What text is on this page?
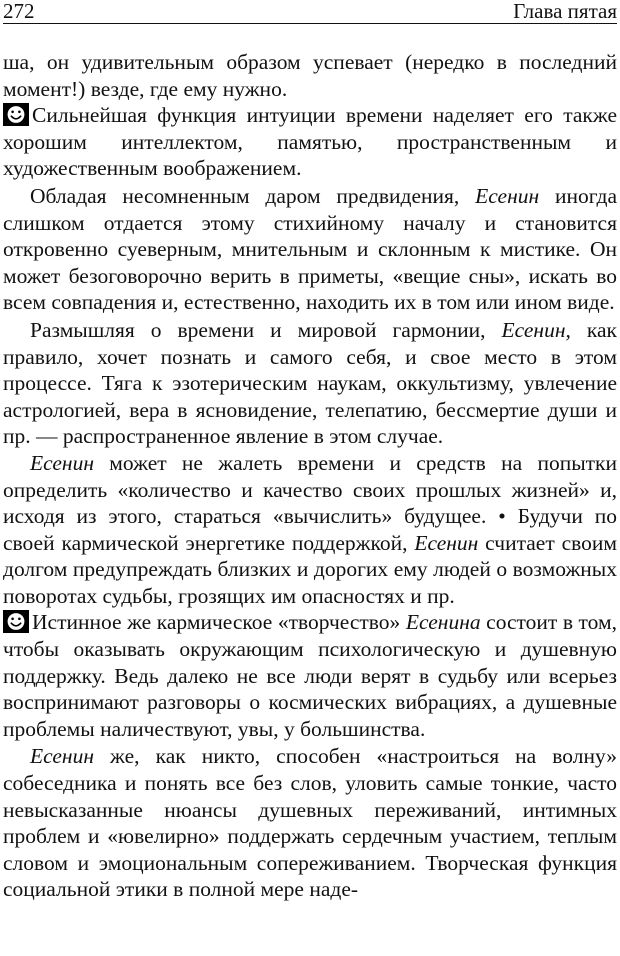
272	Глава пятая

ша, он удивительным образом успевает (нередко в последний момент!) везде, где ему нужно.

Сильнейшая функция интуиции времени наделяет его также хорошим интеллектом, памятью, пространственным и художественным воображением.

Обладая несомненным даром предвидения, Есенин иногда слишком отдается этому стихийному началу и становится откровенно суеверным, мнительным и склонным к мистике. Он может безоговорочно верить в приметы, «вещие сны», искать во всем совпадения и, естественно, находить их в том или ином виде.

Размышляя о времени и мировой гармонии, Есенин, как правило, хочет познать и самого себя, и свое место в этом процессе. Тяга к эзотерическим наукам, оккультизму, увлечение астрологией, вера в ясновидение, телепатию, бессмертие души и пр. — распространенное явление в этом случае.

Есенин может не жалеть времени и средств на попытки определить «количество и качество своих прошлых жизней» и, исходя из этого, стараться «вычислить» будущее. • Будучи по своей кармической энергетике поддержкой, Есенин считает своим долгом предупреждать близких и дорогих ему людей о возможных поворотах судьбы, грозящих им опасностях и пр.

Истинное же кармическое «творчество» Есенина состоит в том, чтобы оказывать окружающим психологическую и душевную поддержку. Ведь далеко не все люди верят в судьбу или всерьез воспринимают разговоры о космических вибрациях, а душевные проблемы наличествуют, увы, у большинства.

Есенин же, как никто, способен «настроиться на волну» собеседника и понять все без слов, уловить самые тонкие, часто невысказанные нюансы душевных переживаний, интимных проблем и «ювелирно» поддержать сердечным участием, теплым словом и эмоциональным сопереживанием. Творческая функция социальной этики в полной мере наде-
